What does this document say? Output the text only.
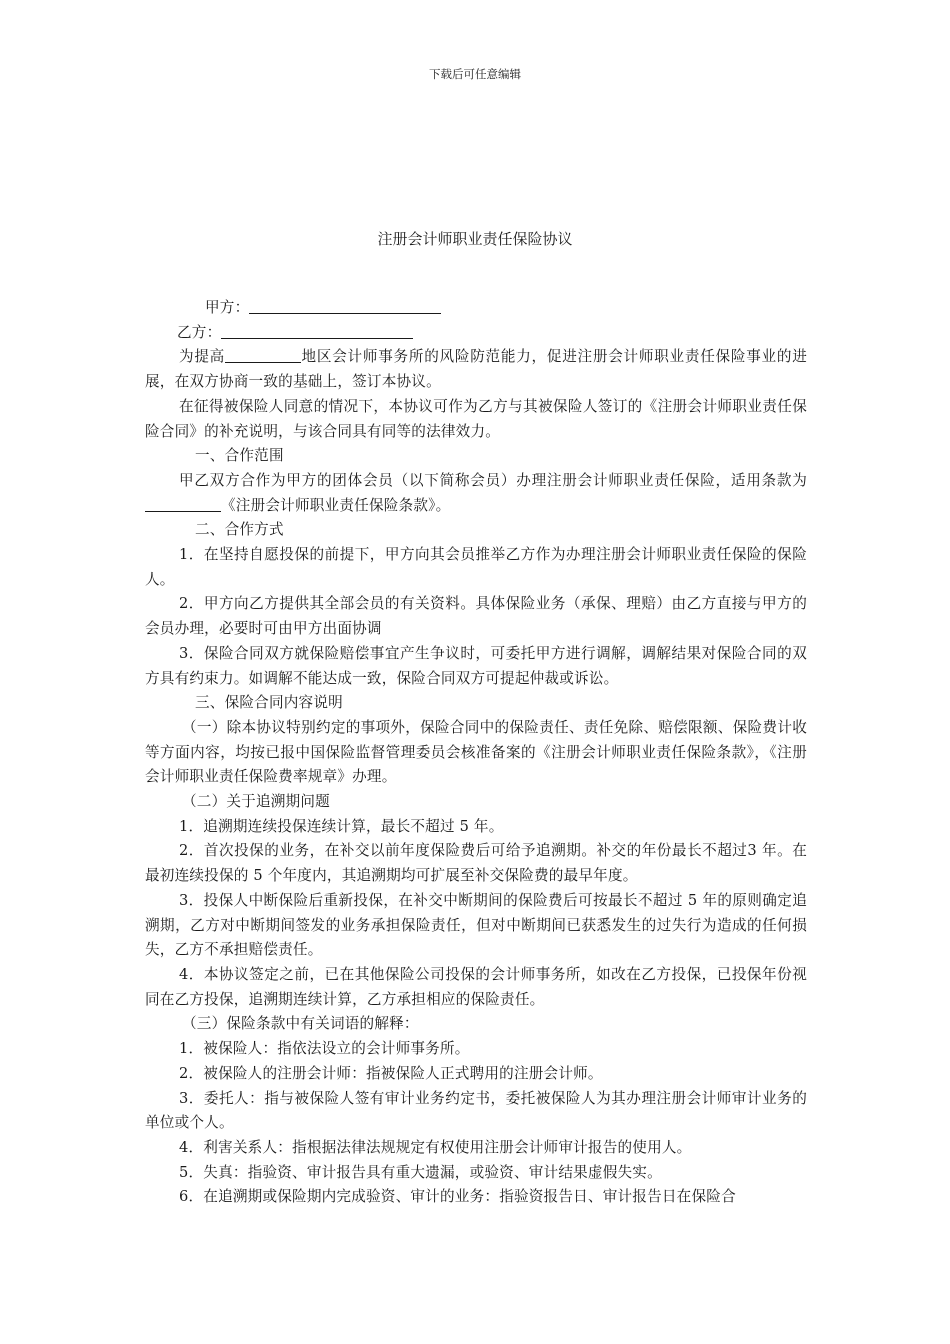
下载后可任意编辑
注册会计师职业责任保险协议

甲方：

乙方：

为提高	地区会计师事务所的风险防范能力，促进注册会计师职业责任保险事业的进展，在双方协商一致的基础上，签订本协议。

在征得被保险人同意的情况下，本协议可作为乙方与其被保险人签订的《注册会计师职业责任保险合同》的补充说明，与该合同具有同等的法律效力。

一、合作范围

甲乙双方合作为甲方的团体会员（以下简称会员）办理注册会计师职业责任保险，适用条款为《注册会计师职业责任保险条款》。

二、合作方式

1．在坚持自愿投保的前提下，甲方向其会员推举乙方作为办理注册会计师职业责任保险的保险人。

2．甲方向乙方提供其全部会员的有关资料。具体保险业务（承保、理赔）由乙方直接与甲方的会员办理，必要时可由甲方出面协调

3．保险合同双方就保险赔偿事宜产生争议时，可委托甲方进行调解，调解结果对保险合同的双方具有约束力。如调解不能达成一致，保险合同双方可提起仲裁或诉讼。

三、保险合同内容说明

（一）除本协议特别约定的事项外，保险合同中的保险责任、责任免除、赔偿限额、保险费计收等方面内容，均按已报中国保险监督管理委员会核准备案的《注册会计师职业责任保险条款》，《注册会计师职业责任保险费率规章》办理。

（二）关于追溯期问题

1．追溯期连续投保连续计算，最长不超过 5 年。

2．首次投保的业务，在补交以前年度保险费后可给予追溯期。补交的年份最长不超过3 年。在最初连续投保的 5 个年度内，其追溯期均可扩展至补交保险费的最早年度。

3．投保人中断保险后重新投保，在补交中断期间的保险费后可按最长不超过 5 年的原则确定追溯期，乙方对中断期间签发的业务承担保险责任，但对中断期间已获悉发生的过失行为造成的任何损失，乙方不承担赔偿责任。

4．本协议签定之前，已在其他保险公司投保的会计师事务所，如改在乙方投保，已投保年份视同在乙方投保，追溯期连续计算，乙方承担相应的保险责任。

（三）保险条款中有关词语的解释：

1．被保险人：指依法设立的会计师事务所。

2．被保险人的注册会计师：指被保险人正式聘用的注册会计师。

3．委托人：指与被保险人签有审计业务约定书，委托被保险人为其办理注册会计师审计业务的单位或个人。

4．利害关系人：指根据法律法规规定有权使用注册会计师审计报告的使用人。

5．失真：指验资、审计报告具有重大遗漏，或验资、审计结果虚假失实。

6．在追溯期或保险期内完成验资、审计的业务：指验资报告日、审计报告日在保险合
